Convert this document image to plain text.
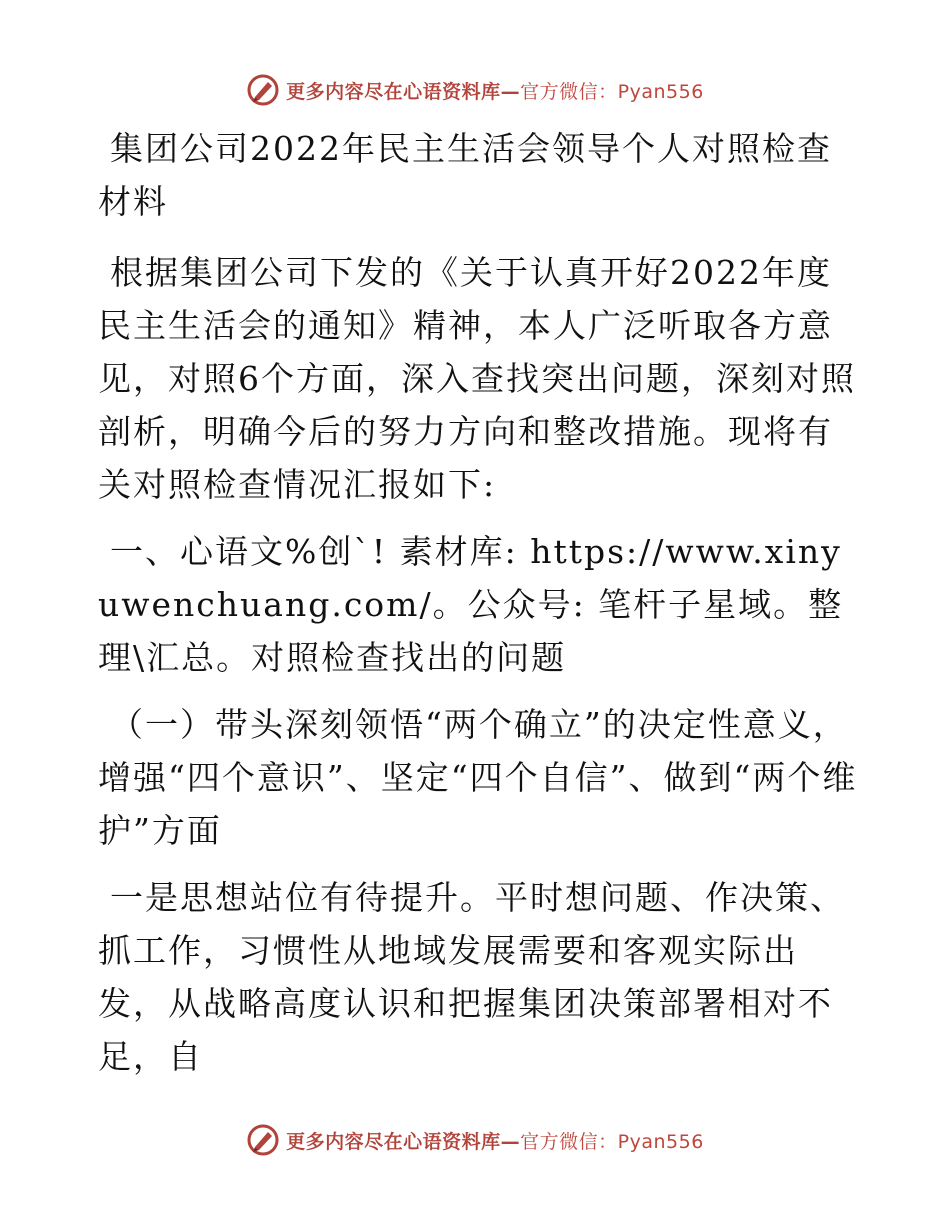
更多内容尽在心语资料库—官方微信：Pyan556

集团公司2022年民主生活会领导个人对照检查材料

根据集团公司下发的《关于认真开好2022年度民主生活会的通知》精神，本人广泛听取各方意见，对照6个方面，深入查找突出问题，深刻对照剖析，明确今后的努力方向和整改措施。现将有关对照检查情况汇报如下:

一、心语文%创`! 素材库: https://www.xinyuwenchuang.com/。公众号: 笔杆子星域。整理\汇总。对照检查找出的问题

（一）带头深刻领悟“两个确立”的决定性意义，增强“四个意识”、坚定“四个自信”、做到“两个维护”方面

一是思想站位有待提升。平时想问题、作决策、抓工作，习惯性从地域发展需要和客观实际出发，从战略高度认识和把握集团决策部署相对不足，自

更多内容尽在心语资料库—官方微信：Pyan556
